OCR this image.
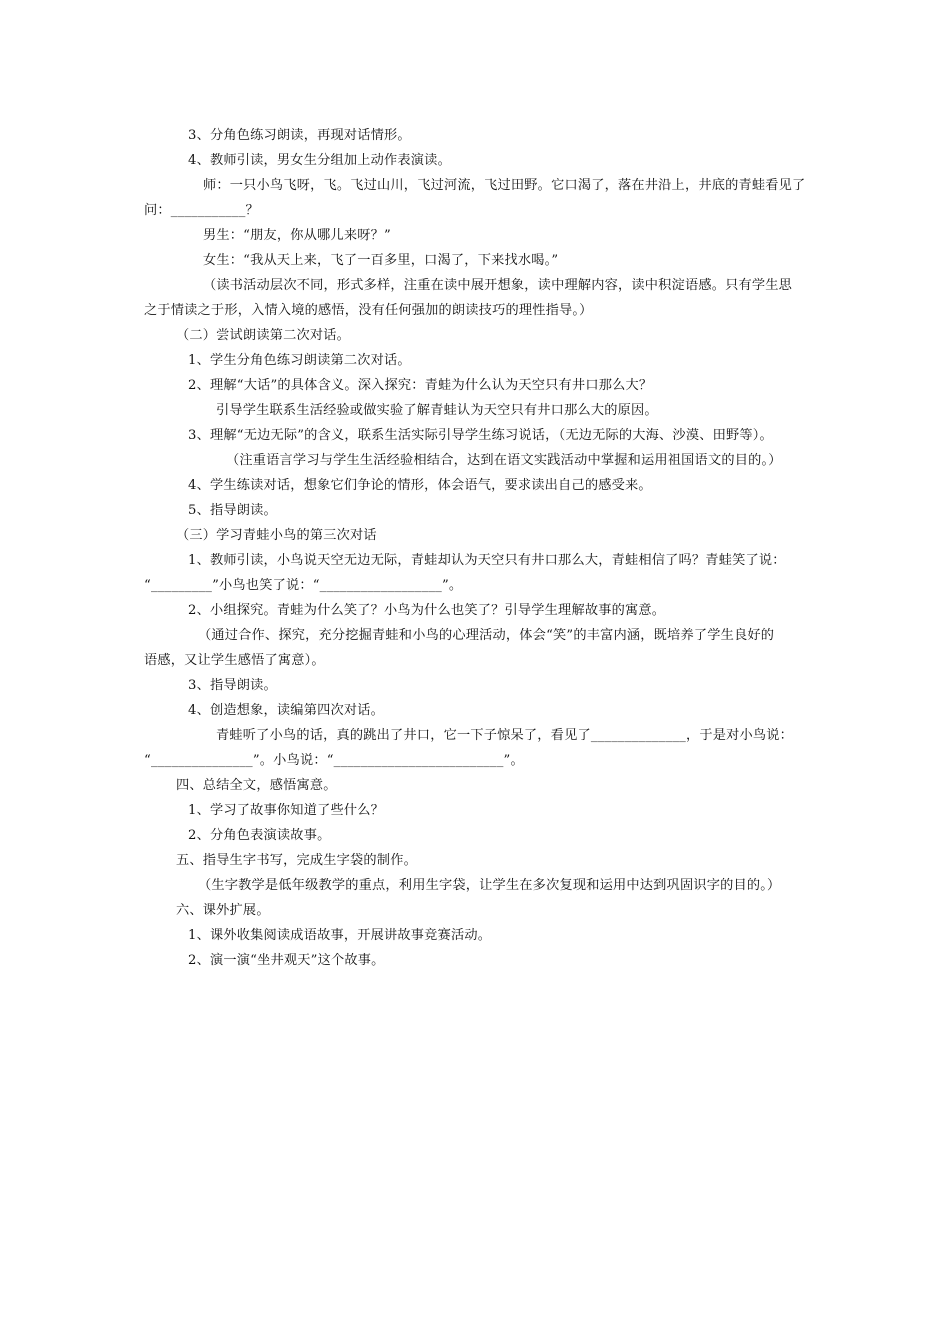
3、分角色练习朗读，再现对话情形。
4、教师引读，男女生分组加上动作表演读。
师：一只小鸟飞呀，飞。飞过山川，飞过河流，飞过田野。它口渴了，落在井沿上，井底的青蛙看见了
问：___________？
男生：“朋友，你从哪儿来呀？”
女生：“我从天上来，飞了一百多里，口渴了，下来找水喝。”
（读书活动层次不同，形式多样，注重在读中展开想象，读中理解内容，读中积淀语感。只有学生思
之于情读之于形，入情入境的感悟，没有任何强加的朗读技巧的理性指导。）
（二）尝试朗读第二次对话。
1、学生分角色练习朗读第二次对话。
2、理解“大话”的具体含义。深入探究：青蛙为什么认为天空只有井口那么大？
引导学生联系生活经验或做实验了解青蛙认为天空只有井口那么大的原因。
3、理解“无边无际”的含义，联系生活实际引导学生练习说话，（无边无际的大海、沙漠、田野等）。
（注重语言学习与学生生活经验相结合，达到在语文实践活动中掌握和运用祖国语文的目的。）
4、学生练读对话，想象它们争论的情形，体会语气，要求读出自己的感受来。
5、指导朗读。
（三）学习青蛙小鸟的第三次对话
1、教师引读，小鸟说天空无边无际，青蛙却认为天空只有井口那么大，青蛙相信了吗？青蛙笑了说：
“_________”小鸟也笑了说：“__________________”。
2、小组探究。青蛙为什么笑了？小鸟为什么也笑了？引导学生理解故事的寓意。
（通过合作、探究，充分挖掘青蛙和小鸟的心理活动，体会“笑”的丰富内涵，既培养了学生良好的
语感，又让学生感悟了寓意）。
3、指导朗读。
4、创造想象，读编第四次对话。
青蛙听了小鸟的话，真的跳出了井口，它一下子惊呆了，看见了______________，于是对小鸟说：
“_______________”。小鸟说：“_________________________”。
四、总结全文，感悟寓意。
1、学习了故事你知道了些什么？
2、分角色表演读故事。
五、指导生字书写，完成生字袋的制作。
（生字教学是低年级教学的重点，利用生字袋，让学生在多次复现和运用中达到巩固识字的目的。）
六、课外扩展。
1、课外收集阅读成语故事，开展讲故事竞赛活动。
2、演一演“坐井观天”这个故事。
